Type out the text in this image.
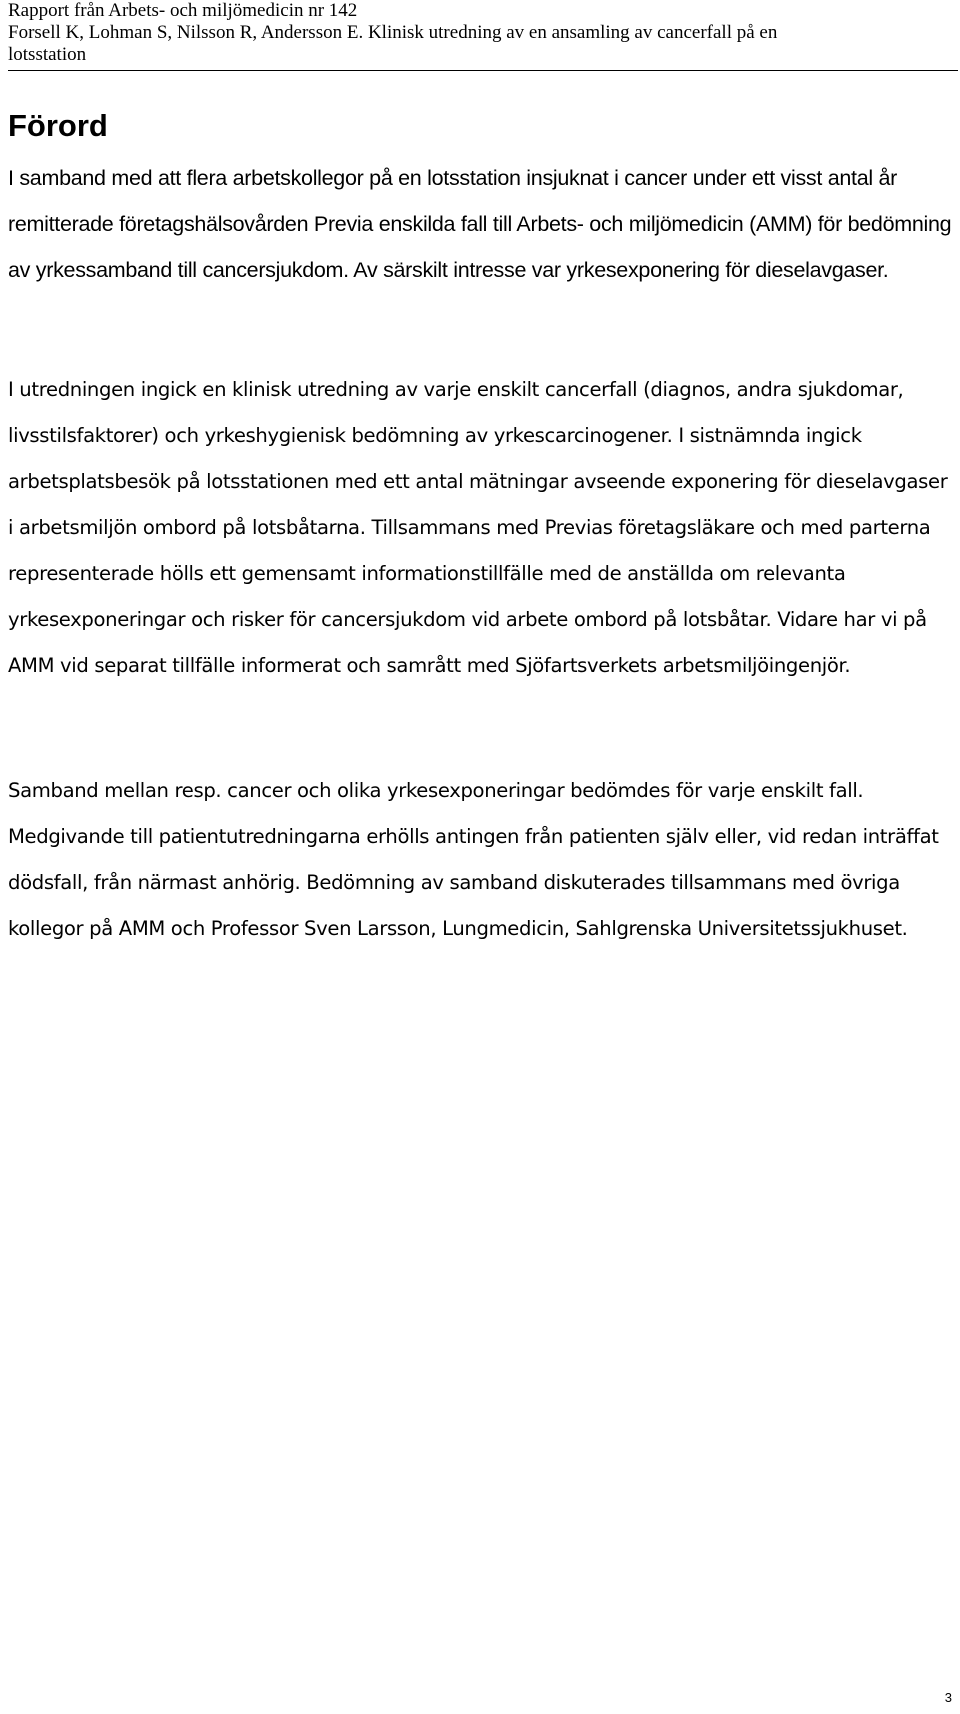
Rapport från Arbets- och miljömedicin nr 142
Forsell K, Lohman S, Nilsson R, Andersson E. Klinisk utredning av en ansamling av cancerfall på en
lotsstation
Förord

I samband med att flera arbetskollegor på en lotsstation insjuknat i cancer under ett visst antal år remitterade företagshälsovården Previa enskilda fall till Arbets- och miljömedicin (AMM) för bedömning av yrkessamband till cancersjukdom. Av särskilt intresse var yrkesexponering för dieselavgaser.

I utredningen ingick en klinisk utredning av varje enskilt cancerfall (diagnos, andra sjukdomar, livsstilsfaktorer) och yrkeshygienisk bedömning av yrkescarcinogener. I sistnämnda ingick arbetsplatsbesök på lotsstationen med ett antal mätningar avseende exponering för dieselavgaser i arbetsmiljön ombord på lotsbåtarna. Tillsammans med Previas företagsläkare och med parterna representerade hölls ett gemensamt informationstillfälle med de anställda om relevanta yrkesexponeringar och risker för cancersjukdom vid arbete ombord på lotsbåtar. Vidare har vi på AMM vid separat tillfälle informerat och samrått med Sjöfartsverkets arbetsmiljöingenjör.

Samband mellan resp. cancer och olika yrkesexponeringar bedömdes för varje enskilt fall. Medgivande till patientutredningarna erhölls antingen från patienten själv eller, vid redan inträffat dödsfall, från närmast anhörig. Bedömning av samband diskuterades tillsammans med övriga kollegor på AMM och Professor Sven Larsson, Lungmedicin, Sahlgrenska Universitetssjukhuset.

3
